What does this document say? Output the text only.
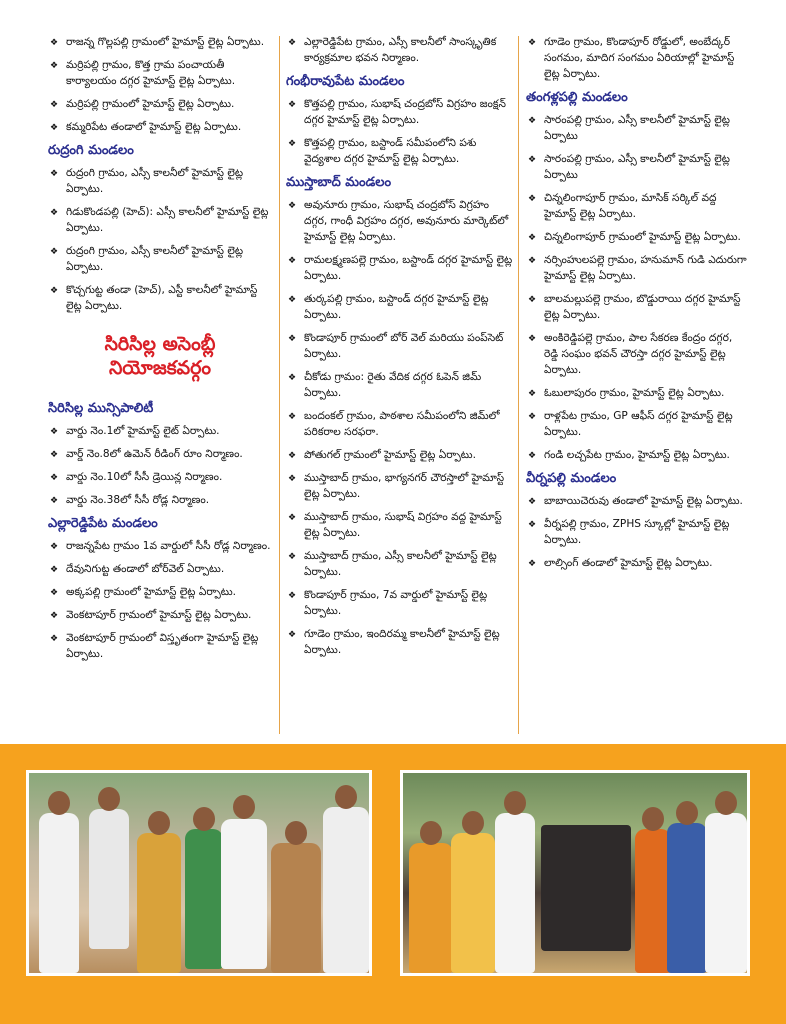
❖ రాజన్న గొల్లపల్లి గ్రామంలో హైమాస్ట్ లైట్ల ఏర్పాటు.
❖ మర్రిపల్లి గ్రామం, కొత్త గ్రామ పంచాయతీ కార్యాలయం దగ్గర హైమాస్ట్ లైట్ల ఏర్పాటు.
❖ మర్రిపల్లి గ్రామంలో హైమాస్ట్ లైట్ల ఏర్పాటు.
❖ కమ్మరిపేట తండాలో హైమాస్ట్ లైట్ల ఏర్పాటు.
రుద్రంగి మండలం
❖ రుద్రంగి గ్రామం, ఎస్సీ కాలనీలో హైమాస్ట్ లైట్ల ఏర్పాటు.
❖ గిడుకొండపల్లి (హెచ్): ఎస్సీ కాలనీలో హైమాస్ట్ లైట్ల ఏర్పాటు.
❖ రుద్రంగి గ్రామం, ఎస్సీ కాలనీలో హైమాస్ట్ లైట్ల ఏర్పాటు.
❖ కొచ్చగుట్ట తండా (హెచ్), ఎస్టీ కాలనీలో హైమాస్ట్ లైట్ల ఏర్పాటు.
సిరిసిల్ల అసెంబ్లీ
నియోజకవర్గం
సిరిసిల్ల మున్సిపాలిటీ
❖ వార్డు నెం.1లో హైమాస్ట్ లైట్ ఏర్పాటు.
❖ వార్డ్ నెం.8లో ఉమెన్ రీడింగ్ రూం నిర్మాణం.
❖ వార్డు నెం.10లో సీసీ డ్రెయిన్ల నిర్మాణం.
❖ వార్డు నెం.38లో సీసీ రోడ్ల నిర్మాణం.
ఎల్లారెడ్డిపేట మండలం
❖ రాజన్నపేట గ్రామం 1వ వార్డులో సీసీ రోడ్ల నిర్మాణం.
❖ దేవునిగుట్ట తండాలో బోర్‌వెల్ ఏర్పాటు.
❖ అక్కపల్లి గ్రామంలో హైమాస్ట్ లైట్ల ఏర్పాటు.
❖ వెంకటాపూర్ గ్రామంలో హైమాస్ట్ లైట్ల ఏర్పాటు.
❖ వెంకటాపూర్ గ్రామంలో విస్తృతంగా హైమాస్ట్ లైట్ల ఏర్పాటు.
❖ ఎల్లారెడ్డిపేట గ్రామం, ఎస్సీ కాలనీలో సాంస్కృతిక కార్యక్రమాల భవన నిర్మాణం.
గంభీరావుపేట మండలం
❖ కొత్తపల్లి గ్రామం, సుభాష్ చంద్రబోస్ విగ్రహం జంక్షన్ దగ్గర హైమాస్ట్ లైట్ల ఏర్పాటు.
❖ కొత్తపల్లి గ్రామం, బస్టాండ్ సమీపంలోని పశు వైద్యశాల దగ్గర హైమాస్ట్ లైట్ల ఏర్పాటు.
ముస్తాబాద్ మండలం
❖ అవునూరు గ్రామం, సుభాష్ చంద్రబోస్ విగ్రహం దగ్గర, గాంధీ విగ్రహం దగ్గర, అవునూరు మార్కెట్‌లో హైమాస్ట్ లైట్ల ఏర్పాటు.
❖ రామలక్ష్మణపల్లె గ్రామం, బస్టాండ్ దగ్గర హైమాస్ట్ లైట్ల ఏర్పాటు.
❖ తుర్కపల్లి గ్రామం, బస్టాండ్ దగ్గర హైమాస్ట్ లైట్ల ఏర్పాటు.
❖ కొండాపూర్ గ్రామంలో బోర్ వెల్ మరియు పంప్‌సెట్ ఏర్పాటు.
❖ చీకోడు గ్రామం: రైతు వేదిక దగ్గర ఓపెన్ జిమ్ ఏర్పాటు.
❖ బందంకల్ గ్రామం, పాఠశాల సమీపంలోని జిమ్‌లో పరికరాల సరఫరా.
❖ పోతుగల్ గ్రామంలో హైమాస్ట్ లైట్ల ఏర్పాటు.
❖ ముస్తాబాద్ గ్రామం, భాగ్యనగర్ చౌరస్తాలో హైమాస్ట్ లైట్ల ఏర్పాటు.
❖ ముస్తాబాద్ గ్రామం, సుభాష్ విగ్రహం వద్ద హైమాస్ట్ లైట్ల ఏర్పాటు.
❖ ముస్తాబాద్ గ్రామం, ఎస్సీ కాలనీలో హైమాస్ట్ లైట్ల ఏర్పాటు.
❖ కొండాపూర్ గ్రామం, 7వ వార్డులో హైమాస్ట్ లైట్ల ఏర్పాటు.
❖ గూడెం గ్రామం, ఇందిరమ్మ కాలనీలో హైమాస్ట్ లైట్ల ఏర్పాటు.
❖ గూడెం గ్రామం, కొండాపూర్ రోడ్డులో, అంబేద్కర్ సంగమం, మాదిగ సంగమం ఏరియాల్లో హైమాస్ట్ లైట్ల ఏర్పాటు.
తంగళ్లపల్లి మండలం
❖ సారంపల్లి గ్రామం, ఎస్సీ కాలనీలో హైమాస్ట్ లైట్ల ఏర్పాటు
❖ సారంపల్లి గ్రామం, ఎస్సీ కాలనీలో హైమాస్ట్ లైట్ల ఏర్పాటు
❖ చిన్నలింగాపూర్ గ్రామం, మాసిక్ సర్కిల్ వద్ద హైమాస్ట్ లైట్ల ఏర్పాటు.
❖ చిన్నలింగాపూర్ గ్రామంలో హైమాస్ట్ లైట్ల ఏర్పాటు.
❖ నర్సింహులపల్లె గ్రామం, హనుమాన్ గుడి ఎదురుగా హైమాస్ట్ లైట్ల ఏర్పాటు.
❖ బాలమల్లుపల్లె గ్రామం, బొడ్డురాయి దగ్గర హైమాస్ట్ లైట్ల ఏర్పాటు.
❖ అంకిరెడ్డిపల్లె గ్రామం, పాల సేకరణ కేంద్రం దగ్గర, రెడ్డి సంఘం భవన్ చౌరస్తా దగ్గర హైమాస్ట్ లైట్ల ఏర్పాటు.
❖ ఓబులాపురం గ్రామం, హైమాస్ట్ లైట్ల ఏర్పాటు.
❖ రాళ్లపేట గ్రామం, GP ఆఫీస్ దగ్గర హైమాస్ట్ లైట్ల ఏర్పాటు.
❖ గండి లచ్చపేట గ్రామం, హైమాస్ట్ లైట్ల ఏర్పాటు.
వీర్నపల్లి మండలం
❖ బాబాయిచెరువు తండాలో హైమాస్ట్ లైట్ల ఏర్పాటు.
❖ వీర్నపల్లి గ్రామం, ZPHS స్కూల్లో హైమాస్ట్ లైట్ల ఏర్పాటు.
❖ లాల్సింగ్ తండాలో హైమాస్ట్ లైట్ల ఏర్పాటు.
